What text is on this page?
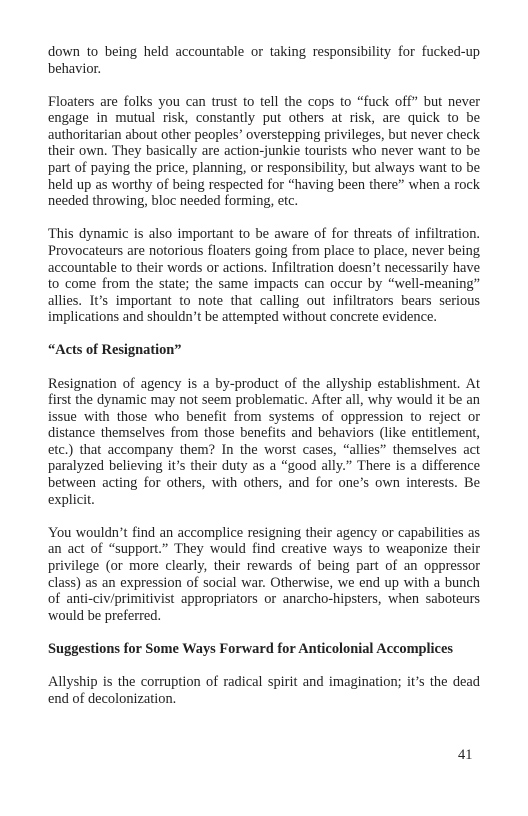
down to being held accountable or taking responsibility for fucked-up behavior.

Floaters are folks you can trust to tell the cops to “fuck off” but never engage in mutual risk, constantly put others at risk, are quick to be authoritarian about other peoples’ overstepping privileges, but never check their own. They basically are action-junkie tourists who never want to be part of paying the price, planning, or responsibility, but always want to be held up as worthy of being respected for “having been there” when a rock needed throwing, bloc needed forming, etc.

This dynamic is also important to be aware of for threats of infiltration. Provocateurs are notorious floaters going from place to place, never being accountable to their words or actions. Infiltration doesn’t necessarily have to come from the state; the same impacts can occur by “well-meaning” allies. It’s important to note that calling out infiltrators bears serious implications and shouldn’t be attempted without concrete evidence.

“Acts of Resignation”

Resignation of agency is a by-product of the allyship establishment. At first the dynamic may not seem problematic. After all, why would it be an issue with those who benefit from systems of oppression to reject or distance themselves from those benefits and behaviors (like entitlement, etc.) that accompany them? In the worst cases, “allies” themselves act paralyzed believing it’s their duty as a “good ally.” There is a difference between acting for others, with others, and for one’s own interests. Be explicit.

You wouldn’t find an accomplice resigning their agency or capabilities as an act of “support.” They would find creative ways to weaponize their privilege (or more clearly, their rewards of being part of an oppressor class) as an expression of social war. Otherwise, we end up with a bunch of anti-civ/primitivist appropriators or anarcho-hipsters, when saboteurs would be preferred.

Suggestions for Some Ways Forward for Anticolonial Accomplices

Allyship is the corruption of radical spirit and imagination; it’s the dead end of decolonization.

41
